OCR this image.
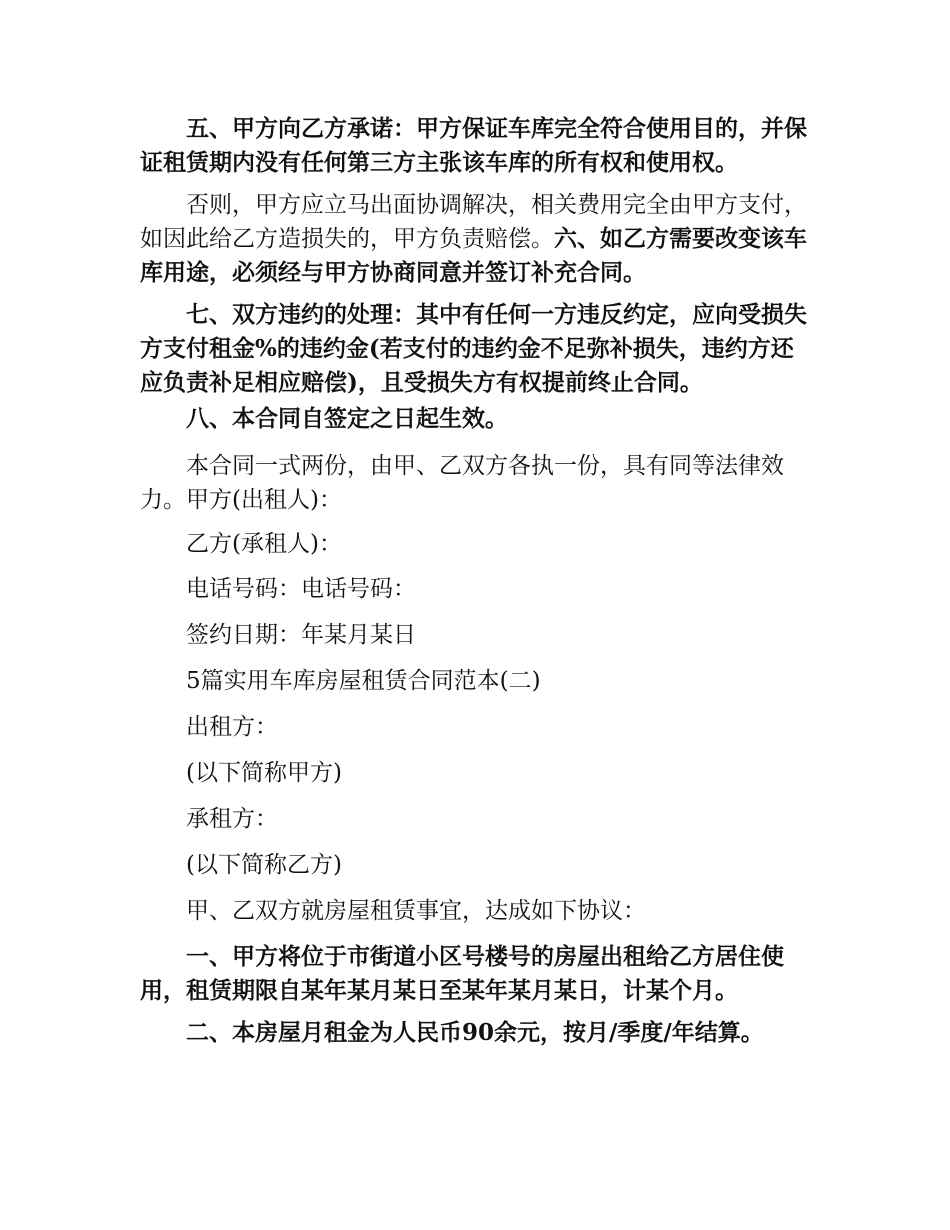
五、甲方向乙方承诺：甲方保证车库完全符合使用目的，并保证租赁期内没有任何第三方主张该车库的所有权和使用权。

否则，甲方应立马出面协调解决，相关费用完全由甲方支付，如因此给乙方造损失的，甲方负责赔偿。六、如乙方需要改变该车库用途，必须经与甲方协商同意并签订补充合同。

七、双方违约的处理：其中有任何一方违反约定，应向受损失方支付租金%的违约金(若支付的违约金不足弥补损失，违约方还应负责补足相应赔偿)，且受损失方有权提前终止合同。

八、本合同自签定之日起生效。

本合同一式两份，由甲、乙双方各执一份，具有同等法律效力。甲方(出租人)：

乙方(承租人)：

电话号码：电话号码：

签约日期：年某月某日

5篇实用车库房屋租赁合同范本(二)

出租方：

(以下简称甲方)

承租方：

(以下简称乙方)

甲、乙双方就房屋租赁事宜，达成如下协议：

一、甲方将位于市街道小区号楼号的房屋出租给乙方居住使用，租赁期限自某年某月某日至某年某月某日，计某个月。

二、本房屋月租金为人民币90余元，按月/季度/年结算。
